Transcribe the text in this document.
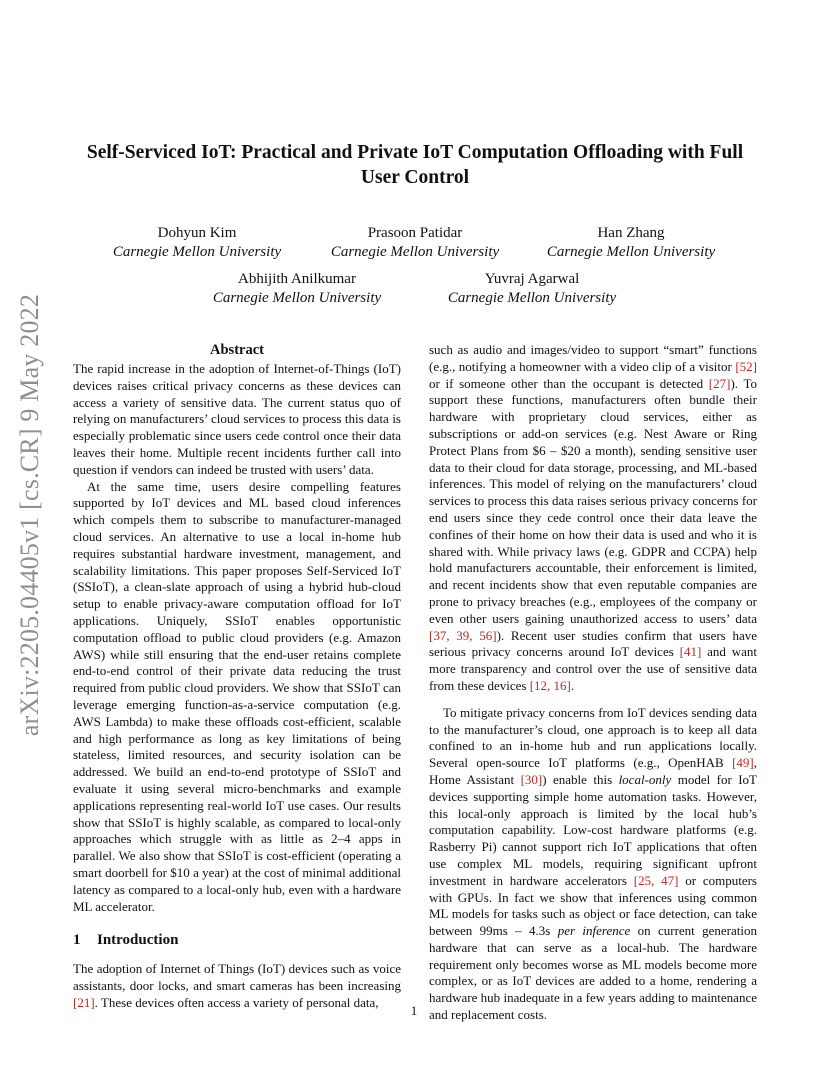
arXiv:2205.04405v1 [cs.CR] 9 May 2022
Self-Serviced IoT: Practical and Private IoT Computation Offloading with Full User Control
Dohyun Kim
Carnegie Mellon University
Prasoon Patidar
Carnegie Mellon University
Han Zhang
Carnegie Mellon University
Abhijith Anilkumar
Carnegie Mellon University
Yuvraj Agarwal
Carnegie Mellon University
Abstract

The rapid increase in the adoption of Internet-of-Things (IoT) devices raises critical privacy concerns as these devices can access a variety of sensitive data. The current status quo of relying on manufacturers’ cloud services to process this data is especially problematic since users cede control once their data leaves their home. Multiple recent incidents further call into question if vendors can indeed be trusted with users’ data.

At the same time, users desire compelling features supported by IoT devices and ML based cloud inferences which compels them to subscribe to manufacturer-managed cloud services. An alternative to use a local in-home hub requires substantial hardware investment, management, and scalability limitations. This paper proposes Self-Serviced IoT (SSIoT), a clean-slate approach of using a hybrid hub-cloud setup to enable privacy-aware computation offload for IoT applications. Uniquely, SSIoT enables opportunistic computation offload to public cloud providers (e.g. Amazon AWS) while still ensuring that the end-user retains complete end-to-end control of their private data reducing the trust required from public cloud providers. We show that SSIoT can leverage emerging function-as-a-service computation (e.g. AWS Lambda) to make these offloads cost-efficient, scalable and high performance as long as key limitations of being stateless, limited resources, and security isolation can be addressed. We build an end-to-end prototype of SSIoT and evaluate it using several micro-benchmarks and example applications representing real-world IoT use cases. Our results show that SSIoT is highly scalable, as compared to local-only approaches which struggle with as little as 2–4 apps in parallel. We also show that SSIoT is cost-efficient (operating a smart doorbell for $10 a year) at the cost of minimal additional latency as compared to a local-only hub, even with a hardware ML accelerator.

1 Introduction

The adoption of Internet of Things (IoT) devices such as voice assistants, door locks, and smart cameras has been increasing [21]. These devices often access a variety of personal data,

such as audio and images/video to support “smart” functions (e.g., notifying a homeowner with a video clip of a visitor [52] or if someone other than the occupant is detected [27]). To support these functions, manufacturers often bundle their hardware with proprietary cloud services, either as subscriptions or add-on services (e.g. Nest Aware or Ring Protect Plans from $6 – $20 a month), sending sensitive user data to their cloud for data storage, processing, and ML-based inferences. This model of relying on the manufacturers’ cloud services to process this data raises serious privacy concerns for end users since they cede control once their data leave the confines of their home on how their data is used and who it is shared with. While privacy laws (e.g. GDPR and CCPA) help hold manufacturers accountable, their enforcement is limited, and recent incidents show that even reputable companies are prone to privacy breaches (e.g., employees of the company or even other users gaining unauthorized access to users’ data [37, 39, 56]). Recent user studies confirm that users have serious privacy concerns around IoT devices [41] and want more transparency and control over the use of sensitive data from these devices [12, 16].

To mitigate privacy concerns from IoT devices sending data to the manufacturer’s cloud, one approach is to keep all data confined to an in-home hub and run applications locally. Several open-source IoT platforms (e.g., OpenHAB [49], Home Assistant [30]) enable this local-only model for IoT devices supporting simple home automation tasks. However, this local-only approach is limited by the local hub’s computation capability. Low-cost hardware platforms (e.g. Rasberry Pi) cannot support rich IoT applications that often use complex ML models, requiring significant upfront investment in hardware accelerators [25, 47] or computers with GPUs. In fact we show that inferences using common ML models for tasks such as object or face detection, can take between 99ms – 4.3s per inference on current generation hardware that can serve as a local-hub. The hardware requirement only becomes worse as ML models become more complex, or as IoT devices are added to a home, rendering a hardware hub inadequate in a few years adding to maintenance and replacement costs.

1
